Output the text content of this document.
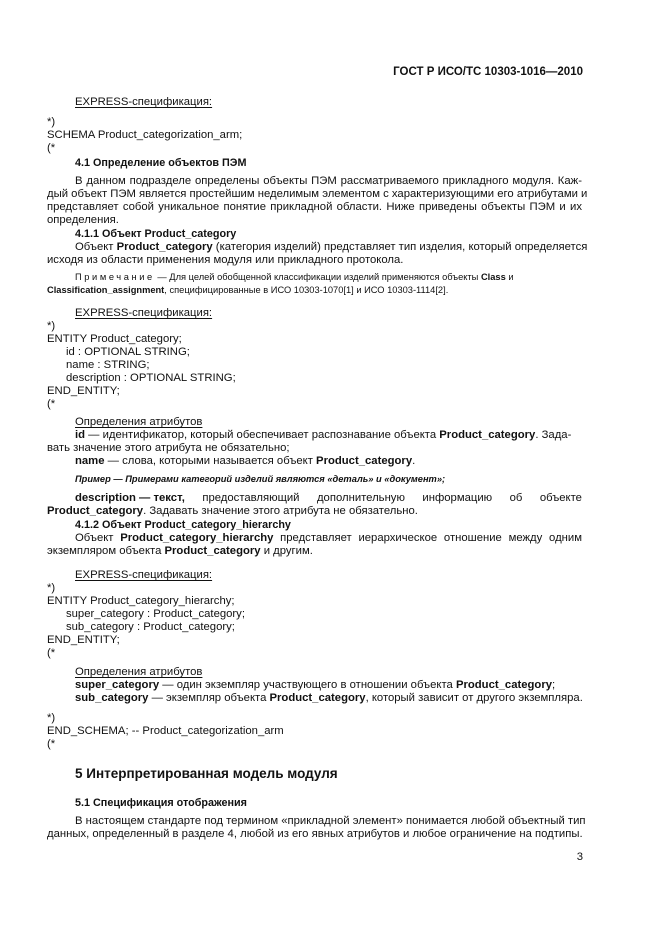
ГОСТ Р ИСО/ТС 10303-1016—2010
EXPRESS-спецификация:
*)
SCHEMA Product_categorization_arm;
(*
4.1 Определение объектов ПЭМ
В данном подразделе определены объекты ПЭМ рассматриваемого прикладного модуля. Каж-
дый объект ПЭМ является простейшим неделимым элементом с характеризующими его атрибутами и
представляет собой уникальное понятие прикладной области. Ниже приведены объекты ПЭМ и их
определения.
4.1.1 Объект Product_category
Объект Product_category (категория изделий) представляет тип изделия, который определяется
исходя из области применения модуля или прикладного протокола.
Примечание — Для целей обобщенной классификации изделий применяются объекты Class и
Classification_assignment, специфицированные в ИСО 10303-1070[1] и ИСО 10303-1114[2].
EXPRESS-спецификация:
*)
ENTITY Product_category;
id : OPTIONAL STRING;
name : STRING;
description : OPTIONAL STRING;
END_ENTITY;
(*
Определения атрибутов
id — идентификатор, который обеспечивает распознавание объекта Product_category. Зада-
вать значение этого атрибута не обязательно;
name — слова, которыми называется объект Product_category.
Пример — Примерами категорий изделий являются «деталь» и «документ»;
description — текст, предоставляющий дополнительную информацию об объекте
Product_category. Задавать значение этого атрибута не обязательно.
4.1.2 Объект Product_category_hierarchy
Объект Product_category_hierarchy представляет иерархическое отношение между одним
экземпляром объекта Product_category и другим.
EXPRESS-спецификация:
*)
ENTITY Product_category_hierarchy;
super_category : Product_category;
sub_category : Product_category;
END_ENTITY;
(*
Определения атрибутов
super_category — один экземпляр участвующего в отношении объекта Product_category;
sub_category — экземпляр объекта Product_category, который зависит от другого экземпляра.
*)
END_SCHEMA; -- Product_categorization_arm
(*
5 Интерпретированная модель модуля
5.1 Спецификация отображения
В настоящем стандарте под термином «прикладной элемент» понимается любой объектный тип
данных, определенный в разделе 4, любой из его явных атрибутов и любое ограничение на подтипы.
3
